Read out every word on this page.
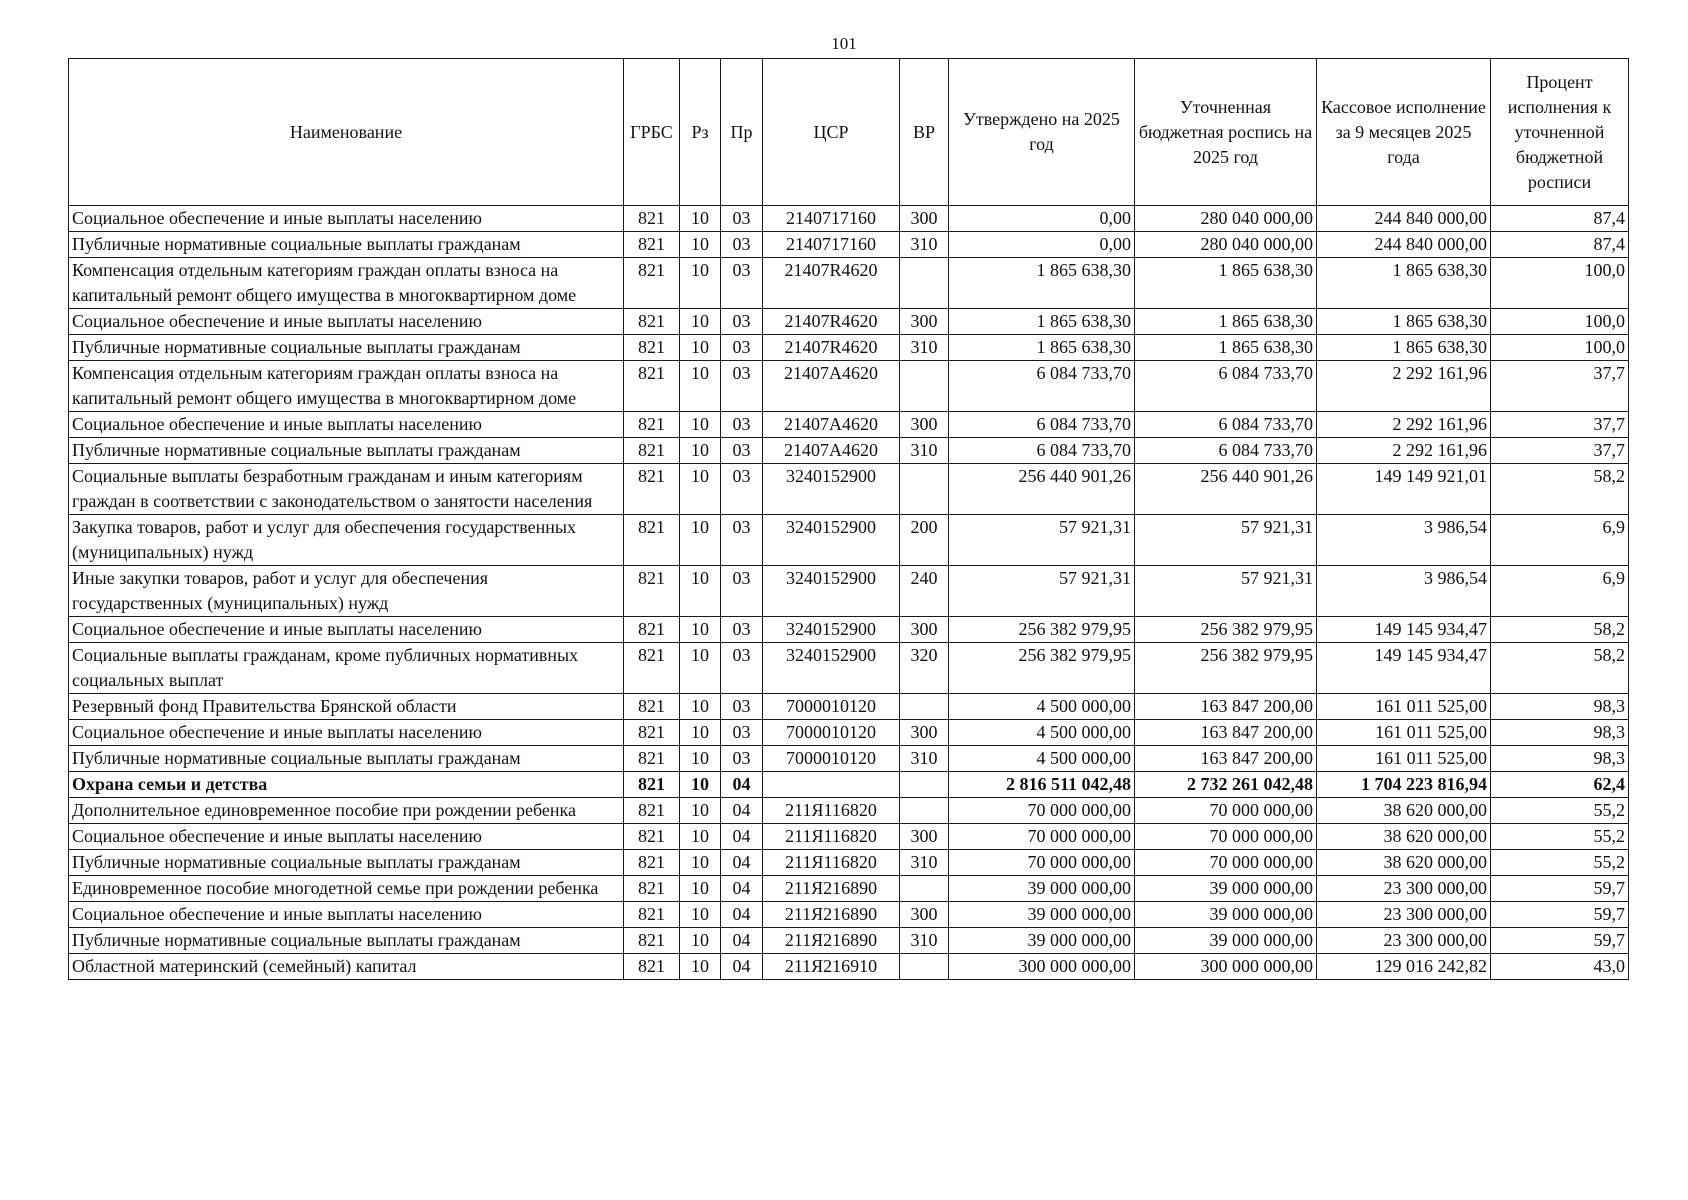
101
Наименование	ГРБС	Рз	Пр	ЦСР	ВР	Утверждено на 2025 год	Уточненная бюджетная роспись на 2025 год	Кассовое исполнение за 9 месяцев 2025 года	Процент исполнения к уточненной бюджетной росписи
Социальное обеспечение и иные выплаты населению	821	10	03	2140717160	300	0,00	280 040 000,00	244 840 000,00	87,4
Публичные нормативные социальные выплаты гражданам	821	10	03	2140717160	310	0,00	280 040 000,00	244 840 000,00	87,4
Компенсация отдельным категориям граждан оплаты взноса на капитальный ремонт общего имущества в многоквартирном доме	821	10	03	21407R4620		1 865 638,30	1 865 638,30	1 865 638,30	100,0
Социальное обеспечение и иные выплаты населению	821	10	03	21407R4620	300	1 865 638,30	1 865 638,30	1 865 638,30	100,0
Публичные нормативные социальные выплаты гражданам	821	10	03	21407R4620	310	1 865 638,30	1 865 638,30	1 865 638,30	100,0
Компенсация отдельным категориям граждан оплаты взноса на капитальный ремонт общего имущества в многоквартирном доме	821	10	03	21407А4620		6 084 733,70	6 084 733,70	2 292 161,96	37,7
Социальное обеспечение и иные выплаты населению	821	10	03	21407А4620	300	6 084 733,70	6 084 733,70	2 292 161,96	37,7
Публичные нормативные социальные выплаты гражданам	821	10	03	21407А4620	310	6 084 733,70	6 084 733,70	2 292 161,96	37,7
Социальные выплаты безработным гражданам и иным категориям граждан в соответствии с законодательством о занятости населения	821	10	03	3240152900		256 440 901,26	256 440 901,26	149 149 921,01	58,2
Закупка товаров, работ и услуг для обеспечения государственных (муниципальных) нужд	821	10	03	3240152900	200	57 921,31	57 921,31	3 986,54	6,9
Иные закупки товаров, работ и услуг для обеспечения государственных (муниципальных) нужд	821	10	03	3240152900	240	57 921,31	57 921,31	3 986,54	6,9
Социальное обеспечение и иные выплаты населению	821	10	03	3240152900	300	256 382 979,95	256 382 979,95	149 145 934,47	58,2
Социальные выплаты гражданам, кроме публичных нормативных социальных выплат	821	10	03	3240152900	320	256 382 979,95	256 382 979,95	149 145 934,47	58,2
Резервный фонд Правительства Брянской области	821	10	03	7000010120		4 500 000,00	163 847 200,00	161 011 525,00	98,3
Социальное обеспечение и иные выплаты населению	821	10	03	7000010120	300	4 500 000,00	163 847 200,00	161 011 525,00	98,3
Публичные нормативные социальные выплаты гражданам	821	10	03	7000010120	310	4 500 000,00	163 847 200,00	161 011 525,00	98,3
Охрана семьи и детства	821	10	04			2 816 511 042,48	2 732 261 042,48	1 704 223 816,94	62,4
Дополнительное единовременное пособие при рождении ребенка	821	10	04	211Я116820		70 000 000,00	70 000 000,00	38 620 000,00	55,2
Социальное обеспечение и иные выплаты населению	821	10	04	211Я116820	300	70 000 000,00	70 000 000,00	38 620 000,00	55,2
Публичные нормативные социальные выплаты гражданам	821	10	04	211Я116820	310	70 000 000,00	70 000 000,00	38 620 000,00	55,2
Единовременное пособие многодетной семье при рождении ребенка	821	10	04	211Я216890		39 000 000,00	39 000 000,00	23 300 000,00	59,7
Социальное обеспечение и иные выплаты населению	821	10	04	211Я216890	300	39 000 000,00	39 000 000,00	23 300 000,00	59,7
Публичные нормативные социальные выплаты гражданам	821	10	04	211Я216890	310	39 000 000,00	39 000 000,00	23 300 000,00	59,7
Областной материнский (семейный) капитал	821	10	04	211Я216910		300 000 000,00	300 000 000,00	129 016 242,82	43,0
